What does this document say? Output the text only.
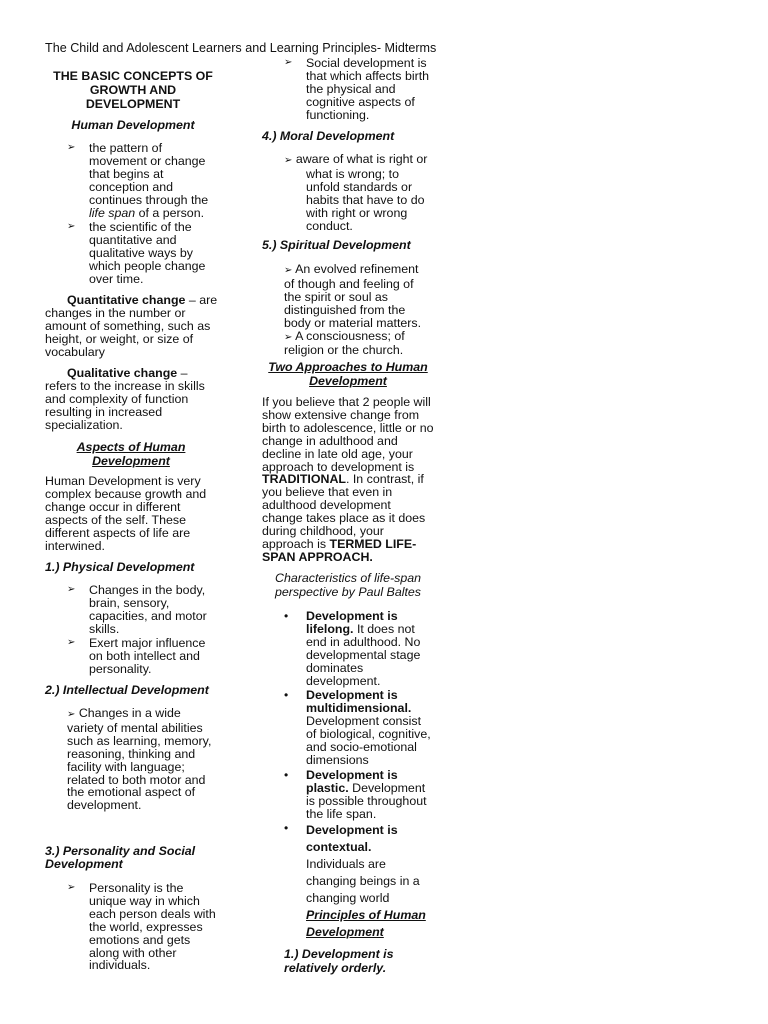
The Child and Adolescent Learners and Learning Principles- Midterms
THE BASIC CONCEPTS OF GROWTH AND DEVELOPMENT
Human Development
➢ the pattern of movement or change that begins at conception and continues through the life span of a person.
➢ the scientific of the quantitative and qualitative ways by which people change over time.
Quantitative change – are changes in the number or amount of something, such as height, or weight, or size of vocabulary
Qualitative change – refers to the increase in skills and complexity of function resulting in increased specialization.
Aspects of Human Development
Human Development is very complex because growth and change occur in different aspects of the self. These different aspects of life are interwined.
1.) Physical Development
➢ Changes in the body, brain, sensory, capacities, and motor skills.
➢ Exert major influence on both intellect and personality.
2.) Intellectual Development
➢ Changes in a wide variety of mental abilities such as learning, memory, reasoning, thinking and facility with language; related to both motor and the emotional aspect of development.
3.) Personality and Social Development
➢ Personality is the unique way in which each person deals with the world, expresses emotions and gets along with other individuals.
➢ Social development is that which affects birth the physical and cognitive aspects of functioning.
4.) Moral Development
➢ aware of what is right or what is wrong; to unfold standards or habits that have to do with right or wrong conduct.
5.) Spiritual Development
➢ An evolved refinement of though and feeling of the spirit or soul as distinguished from the body or material matters.
➢ A consciousness; of religion or the church.
Two Approaches to Human Development
If you believe that 2 people will show extensive change from birth to adolescence, little or no change in adulthood and decline in late old age, your approach to development is TRADITIONAL. In contrast, if you believe that even in adulthood development change takes place as it does during childhood, your approach is TERMED LIFE-SPAN APPROACH.
Characteristics of life-span perspective by Paul Baltes
• Development is lifelong. It does not end in adulthood. No developmental stage dominates development.
• Development is multidimensional. Development consist of biological, cognitive, and socio-emotional dimensions
• Development is plastic. Development is possible throughout the life span.
• Development is contextual. Individuals are changing beings in a changing world
Principles of Human Development
1.) Development is relatively orderly.
